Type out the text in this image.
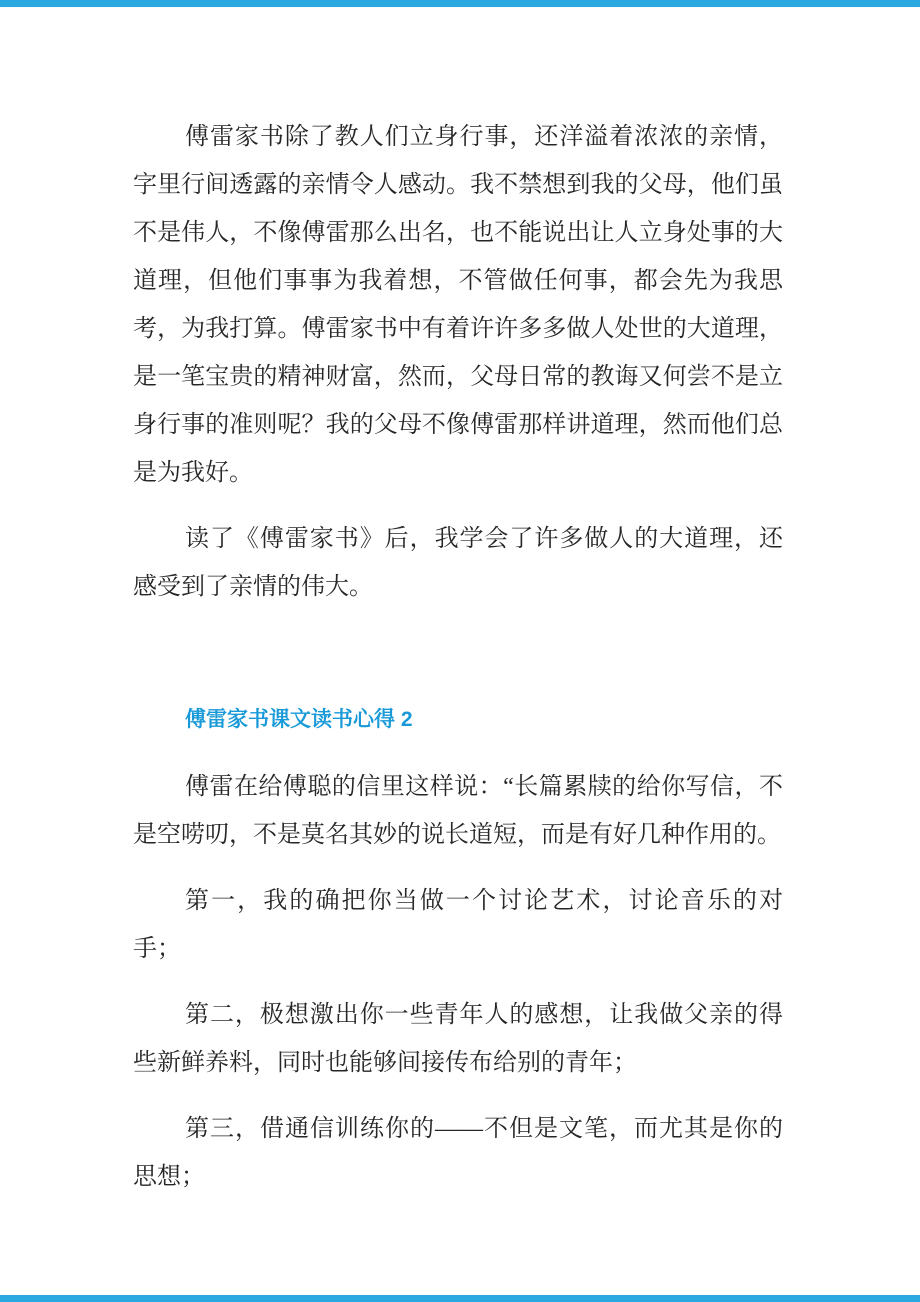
傅雷家书除了教人们立身行事，还洋溢着浓浓的亲情，字里行间透露的亲情令人感动。我不禁想到我的父母，他们虽不是伟人，不像傅雷那么出名，也不能说出让人立身处事的大道理，但他们事事为我着想，不管做任何事，都会先为我思考，为我打算。傅雷家书中有着许许多多做人处世的大道理，是一笔宝贵的精神财富，然而，父母日常的教诲又何尝不是立身行事的准则呢？我的父母不像傅雷那样讲道理，然而他们总是为我好。

读了《傅雷家书》后，我学会了许多做人的大道理，还感受到了亲情的伟大。

傅雷家书课文读书心得 2

傅雷在给傅聪的信里这样说：“长篇累牍的给你写信，不是空唠叨，不是莫名其妙的说长道短，而是有好几种作用的。

第一，我的确把你当做一个讨论艺术，讨论音乐的对手；

第二，极想激出你一些青年人的感想，让我做父亲的得些新鲜养料，同时也能够间接传布给别的青年；

第三，借通信训练你的——不但是文笔，而尤其是你的思想；
